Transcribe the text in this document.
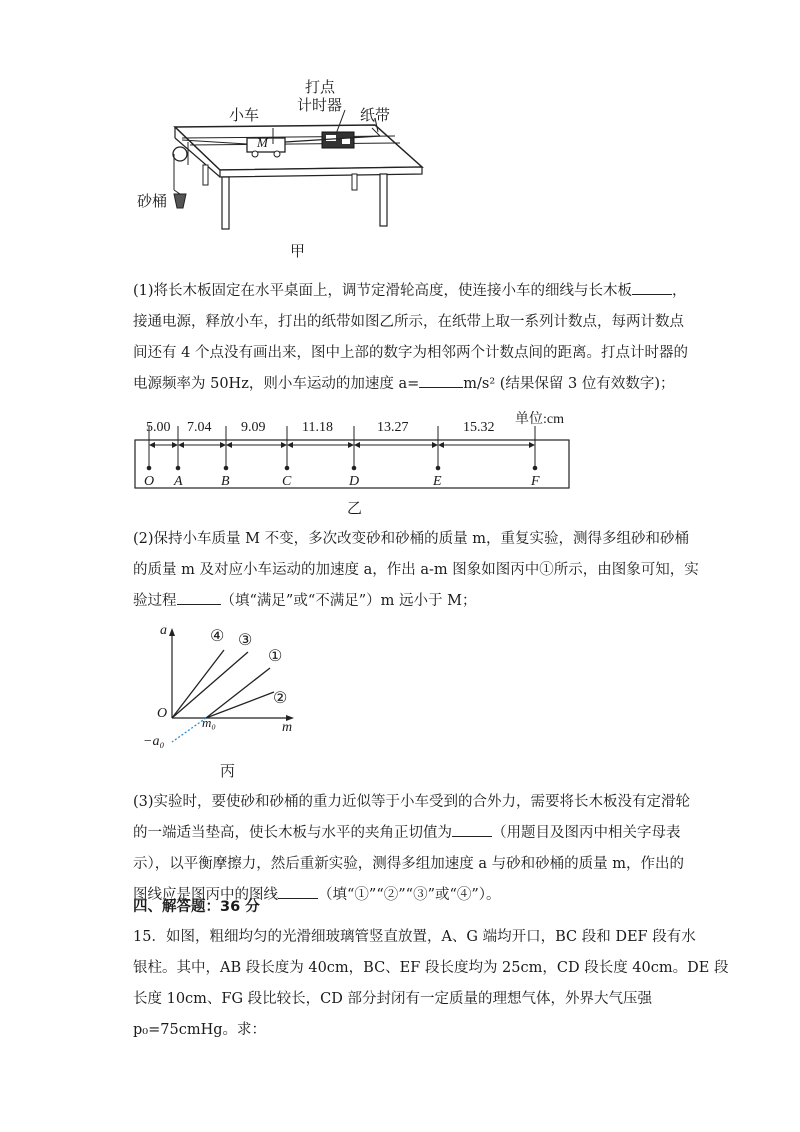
打点
计时器
小车	纸带
砂桶
M
甲

(1)将长木板固定在水平桌面上，调节定滑轮高度，使连接小车的细线与长木板	，

接通电源，释放小车，打出的纸带如图乙所示，在纸带上取一系列计数点，每两计数点

间还有 4 个点没有画出来，图中上部的数字为相邻两个计数点间的距离。打点计时器的

电源频率为 50Hz，则小车运动的加速度 a=	m/s² (结果保留 3 位有效数字)；

5.00 7.04 9.09	11.18	13.27	15.32
单位:cm
O A	B	C	D	E	F
乙

(2)保持小车质量 M 不变，多次改变砂和砂桶的质量 m，重复实验，测得多组砂和砂桶

的质量 m 及对应小车运动的加速度 a，作出 a-m 图象如图丙中①所示，由图象可知，实

验过程	（填“满足”或“不满足”）m 远小于 M；

a
m
O
m₀
−a₀
④ ③
①
②
丙

(3)实验时，要使砂和砂桶的重力近似等于小车受到的合外力，需要将长木板没有定滑轮

的一端适当垫高，使长木板与水平的夹角正切值为	（用题目及图丙中相关字母表

示），以平衡摩擦力，然后重新实验，测得多组加速度 a 与砂和砂桶的质量 m，作出的

图线应是图丙中的图线	（填“①”“②”“③”或“④”）。

四、解答题：36 分

15．如图，粗细均匀的光滑细玻璃管竖直放置，A、G 端均开口，BC 段和 DEF 段有水

银柱。其中，AB 段长度为 40cm，BC、EF 段长度均为 25cm，CD 段长度 40cm。DE 段

长度 10cm、FG 段比较长，CD 部分封闭有一定质量的理想气体，外界大气压强

p₀=75cmHg。求：
